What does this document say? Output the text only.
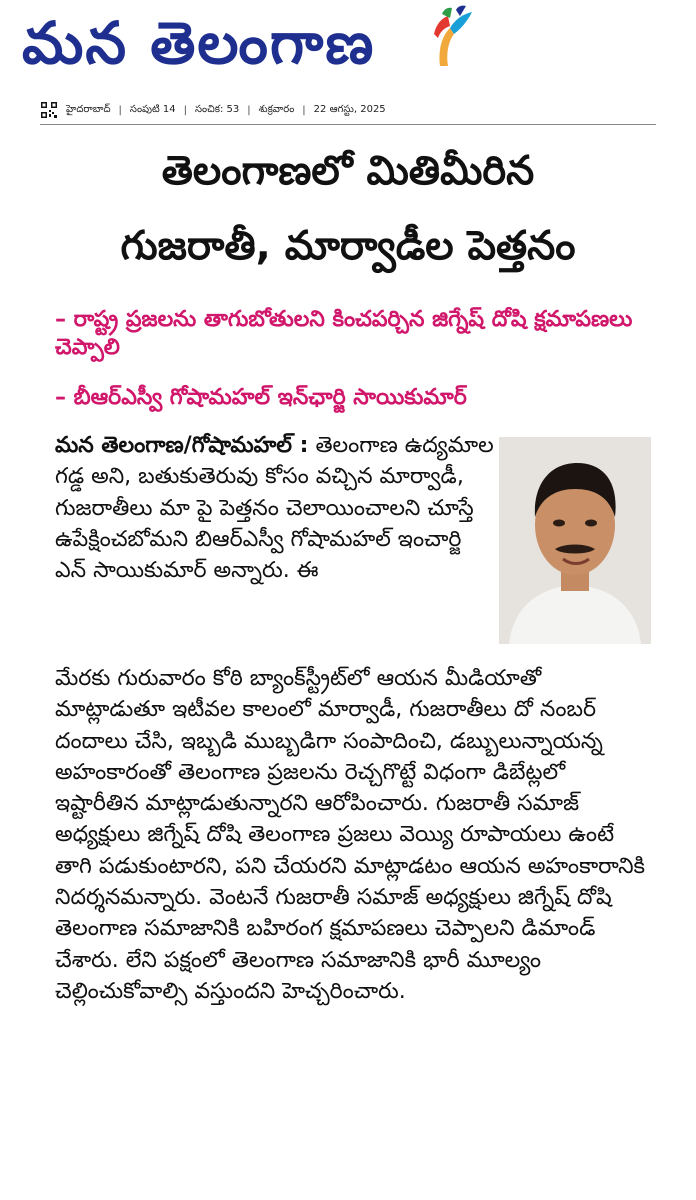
మన తెలంగాణ
హైదరాబాద్ | సంపుటి 14 | సంచిక: 53 | శుక్రవారం | 22 ఆగస్టు, 2025
తెలంగాణలో మితిమీరిన
గుజరాతీ, మార్వాడీల పెత్తనం
– రాష్ట్ర ప్రజలను తాగుబోతులని కించపర్చిన జిగ్నేష్ దోషి క్షమాపణలు చెప్పాలి
– బీఆర్ఎస్వీ గోషామహల్ ఇన్‌ఛార్జి సాయికుమార్
మన తెలంగాణ/గోషామహల్ : తెలంగాణ ఉద్యమాల గడ్డ అని, బతుకుతెరువు కోసం వచ్చిన మార్వాడీ, గుజరాతీలు మా పై పెత్తనం చెలాయించాలని చూస్తే ఉపేక్షించబోమని బిఆర్ఎస్వీ గోషామహల్ ఇంచార్జి ఎన్ సాయికుమార్ అన్నారు. ఈ
మేరకు గురువారం కోఠి బ్యాంక్‌స్ట్రీట్‌లో ఆయన మీడియాతో మాట్లాడుతూ ఇటీవల కాలంలో మార్వాడీ, గుజరాతీలు దో నంబర్ దందాలు చేసి, ఇబ్బడి ముబ్బడిగా సంపాదించి, డబ్బులున్నాయన్న అహంకారంతో తెలంగాణ ప్రజలను రెచ్చగొట్టే విధంగా డిబేట్లలో ఇష్టారీతిన మాట్లాడుతున్నారని ఆరోపించారు. గుజరాతీ సమాజ్ అధ్యక్షులు జిగ్నేష్ దోషి తెలంగాణ ప్రజలు వెయ్యి రూపాయలు ఉంటే తాగి పడుకుంటారని, పని చేయరని మాట్లాడటం ఆయన అహంకారానికి నిదర్శనమన్నారు. వెంటనే గుజరాతీ సమాజ్ అధ్యక్షులు జిగ్నేష్ దోషి తెలంగాణ సమాజానికి బహిరంగ క్షమాపణలు చెప్పాలని డిమాండ్ చేశారు. లేని పక్షంలో తెలంగాణ సమాజానికి భారీ మూల్యం చెల్లించుకోవాల్సి వస్తుందని హెచ్చరించారు.
